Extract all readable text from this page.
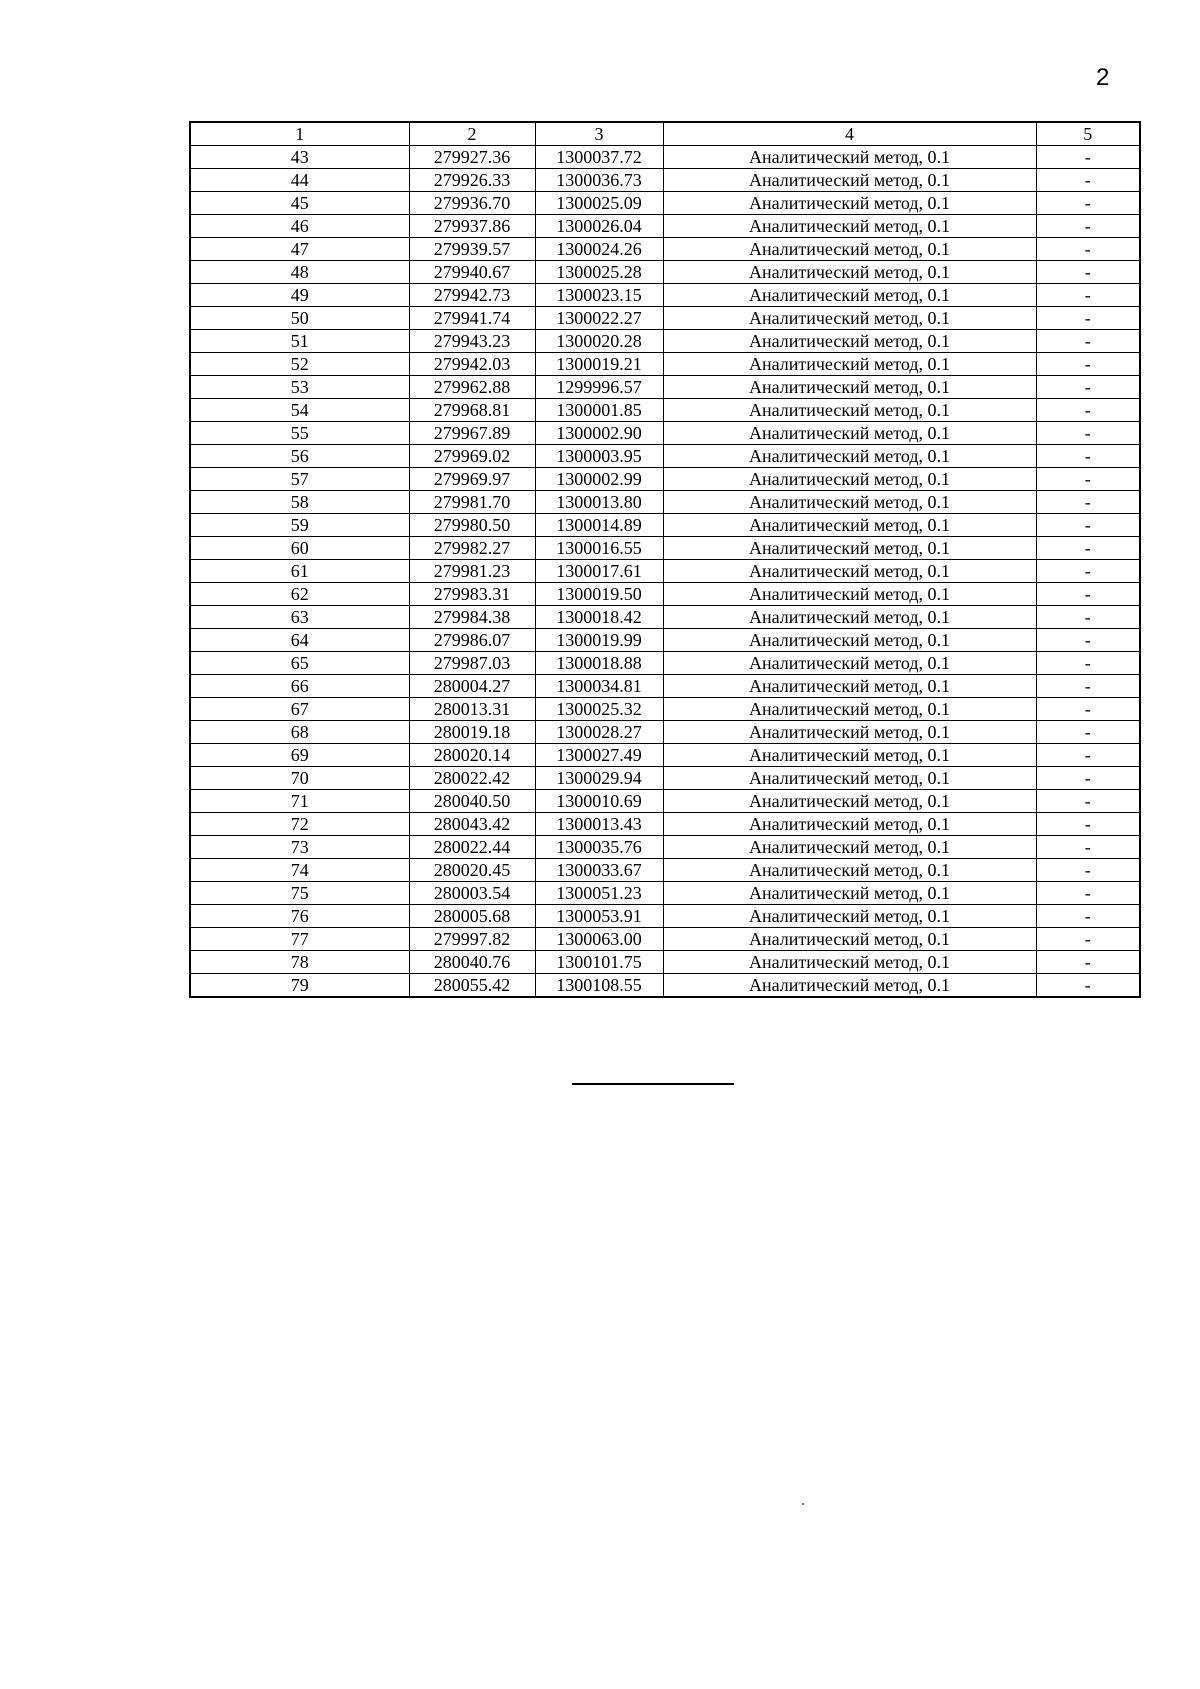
2
1	2	3	4	5
43	279927.36	1300037.72	Аналитический метод, 0.1	-
44	279926.33	1300036.73	Аналитический метод, 0.1	-
45	279936.70	1300025.09	Аналитический метод, 0.1	-
46	279937.86	1300026.04	Аналитический метод, 0.1	-
47	279939.57	1300024.26	Аналитический метод, 0.1	-
48	279940.67	1300025.28	Аналитический метод, 0.1	-
49	279942.73	1300023.15	Аналитический метод, 0.1	-
50	279941.74	1300022.27	Аналитический метод, 0.1	-
51	279943.23	1300020.28	Аналитический метод, 0.1	-
52	279942.03	1300019.21	Аналитический метод, 0.1	-
53	279962.88	1299996.57	Аналитический метод, 0.1	-
54	279968.81	1300001.85	Аналитический метод, 0.1	-
55	279967.89	1300002.90	Аналитический метод, 0.1	-
56	279969.02	1300003.95	Аналитический метод, 0.1	-
57	279969.97	1300002.99	Аналитический метод, 0.1	-
58	279981.70	1300013.80	Аналитический метод, 0.1	-
59	279980.50	1300014.89	Аналитический метод, 0.1	-
60	279982.27	1300016.55	Аналитический метод, 0.1	-
61	279981.23	1300017.61	Аналитический метод, 0.1	-
62	279983.31	1300019.50	Аналитический метод, 0.1	-
63	279984.38	1300018.42	Аналитический метод, 0.1	-
64	279986.07	1300019.99	Аналитический метод, 0.1	-
65	279987.03	1300018.88	Аналитический метод, 0.1	-
66	280004.27	1300034.81	Аналитический метод, 0.1	-
67	280013.31	1300025.32	Аналитический метод, 0.1	-
68	280019.18	1300028.27	Аналитический метод, 0.1	-
69	280020.14	1300027.49	Аналитический метод, 0.1	-
70	280022.42	1300029.94	Аналитический метод, 0.1	-
71	280040.50	1300010.69	Аналитический метод, 0.1	-
72	280043.42	1300013.43	Аналитический метод, 0.1	-
73	280022.44	1300035.76	Аналитический метод, 0.1	-
74	280020.45	1300033.67	Аналитический метод, 0.1	-
75	280003.54	1300051.23	Аналитический метод, 0.1	-
76	280005.68	1300053.91	Аналитический метод, 0.1	-
77	279997.82	1300063.00	Аналитический метод, 0.1	-
78	280040.76	1300101.75	Аналитический метод, 0.1	-
79	280055.42	1300108.55	Аналитический метод, 0.1	-
